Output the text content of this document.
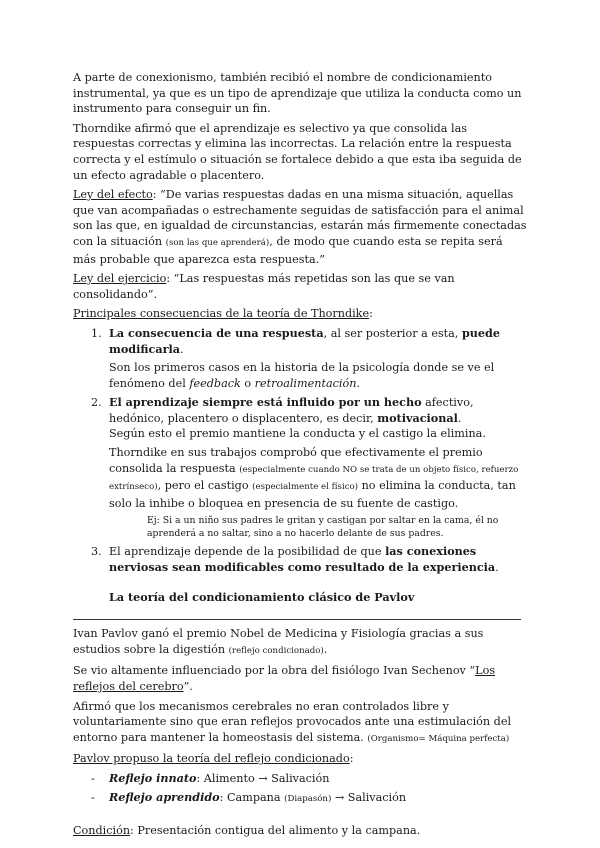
A parte de conexionismo, también recibió el nombre de condicionamiento instrumental, ya que es un tipo de aprendizaje que utiliza la conducta como un instrumento para conseguir un fin.

Thorndike afirmó que el aprendizaje es selectivo ya que consolida las respuestas correctas y elimina las incorrectas. La relación entre la respuesta correcta y el estímulo o situación se fortalece debido a que esta iba seguida de un efecto agradable o placentero.

Ley del efecto: “De varias respuestas dadas en una misma situación, aquellas que van acompañadas o estrechamente seguidas de satisfacción para el animal son las que, en igualdad de circunstancias, estarán más firmemente conectadas con la situación (son las que aprenderá), de modo que cuando esta se repita será más probable que aparezca esta respuesta.”

Ley del ejercicio: “Las respuestas más repetidas son las que se van consolidando”.

Principales consecuencias de la teoría de Thorndike:

1. La consecuencia de una respuesta, al ser posterior a esta, puede modificarla.

Son los primeros casos en la historia de la psicología donde se ve el fenómeno del feedback o retroalimentación.

2. El aprendizaje siempre está influido por un hecho afectivo, hedónico, placentero o displacentero, es decir, motivacional.

Según esto el premio mantiene la conducta y el castigo la elimina.

Thorndike en sus trabajos comprobó que efectivamente el premio consolida la respuesta (especialmente cuando NO se trata de un objeto físico, refuerzo extrínseco), pero el castigo (especialmente el físico) no elimina la conducta, tan solo la inhibe o bloquea en presencia de su fuente de castigo.

Ej: Si a un niño sus padres le gritan y castigan por saltar en la cama, él no aprenderá a no saltar, sino a no hacerlo delante de sus padres.

3. El aprendizaje depende de la posibilidad de que las conexiones nerviosas sean modificables como resultado de la experiencia.

La teoría del condicionamiento clásico de Pavlov

Ivan Pavlov ganó el premio Nobel de Medicina y Fisiología gracias a sus estudios sobre la digestión (reflejo condicionado).

Se vio altamente influenciado por la obra del fisiólogo Ivan Sechenov “Los reflejos del cerebro”.

Afirmó que los mecanismos cerebrales no eran controlados libre y voluntariamente sino que eran reflejos provocados ante una estimulación del entorno para mantener la homeostasis del sistema. (Organismo= Máquina perfecta)

Pavlov propuso la teoría del reflejo condicionado:

- Reflejo innato: Alimento → Salivación
- Reflejo aprendido: Campana (Diapasón) → Salivación

Condición: Presentación contigua del alimento y la campana.
